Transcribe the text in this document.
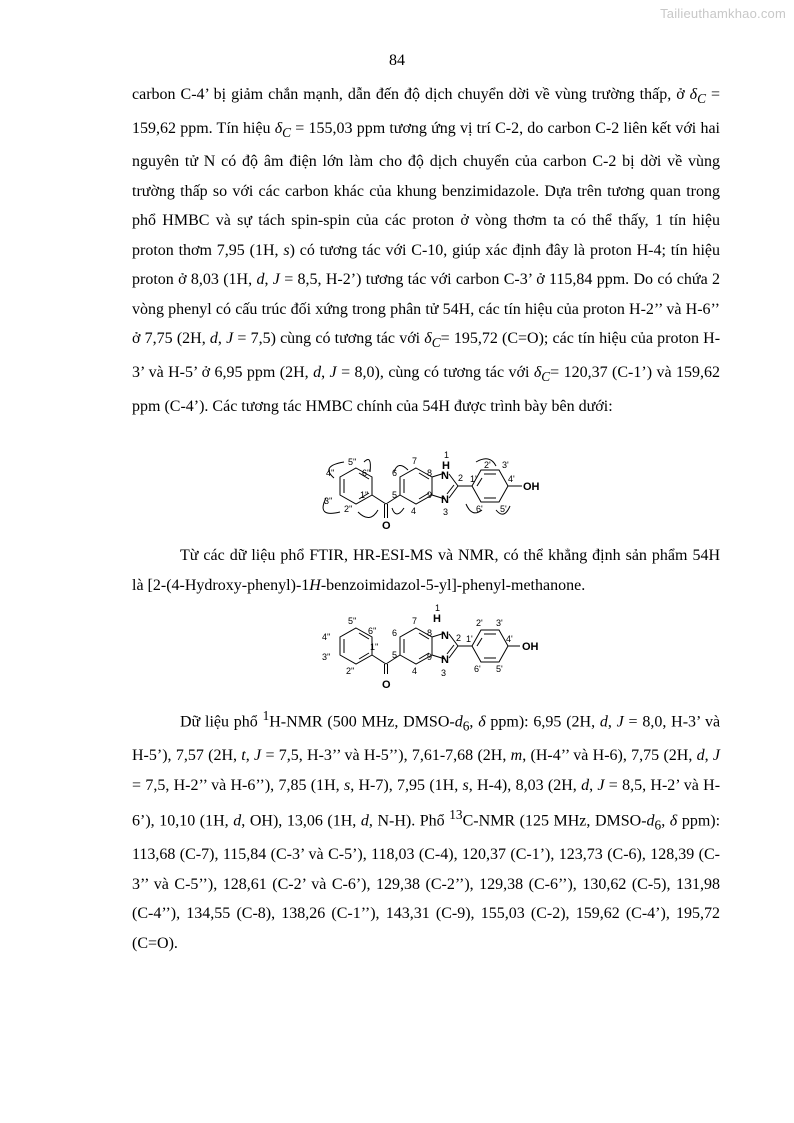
Tailieuthamkhao.com
84

carbon C-4’ bị giảm chắn mạnh, dẫn đến độ dịch chuyển dời về vùng trường thấp, ở $\delta_C = 159,62$ ppm. Tín hiệu $\delta_C = 155,03$ ppm tương ứng vị trí C-2, do carbon C-2 liên kết với hai nguyên tử N có độ âm điện lớn làm cho độ dịch chuyển của carbon C-2 bị dời về vùng trường thấp so với các carbon khác của khung benzimidazole. Dựa trên tương quan trong phổ HMBC và sự tách spin-spin của các proton ở vòng thơm ta có thể thấy, 1 tín hiệu proton thơm 7,95 (1H, s) có tương tác với C-10, giúp xác định đây là proton H-4; tín hiệu proton ở 8,03 (1H, d, J = 8,5, H-2’) tương tác với carbon C-3’ ở 115,84 ppm. Do có chứa 2 vòng phenyl có cấu trúc đối xứng trong phân tử 54H, các tín hiệu của proton H-2’’ và H-6’’ ở 7,75 (2H, d, J = 7,5) cùng có tương tác với $\delta_C= 195,72$ (C=O); các tín hiệu của proton H-3’ và H-5’ ở 6,95 ppm (2H, d, J = 8,0), cùng có tương tác với $\delta_C= 120,37$ (C-1’) và 159,62 ppm (C-4’). Các tương tác HMBC chính của 54H được trình bày bên dưới:

1
H
N
N
3
2
7
8
9
4
5
6
5''
6''
4''
1''
3''
2''
2' 3'
1'	4'
OH
6' 5'
O

Từ các dữ liệu phổ FTIR, HR-ESI-MS và NMR, có thể khẳng định sản phẩm 54H là [2-(4-Hydroxy-phenyl)-1H-benzoimidazol-5-yl]-phenyl-methanone.

1
H
N
N
3
2
7
8
9
4
5
6
5''
6''
4''
1''
3''
2''
2' 3'
1'	4'
OH
6' 5'
O

Dữ liệu phổ $^1$H-NMR (500 MHz, DMSO-$d_6$, δ ppm): 6,95 (2H, d, J = 8,0, H-3’ và H-5’), 7,57 (2H, t, J = 7,5, H-3’’ và H-5’’), 7,61-7,68 (2H, m, (H-4’’ và H-6), 7,75 (2H, d, J = 7,5, H-2’’ và H-6’’), 7,85 (1H, s, H-7), 7,95 (1H, s, H-4), 8,03 (2H, d, J = 8,5, H-2’ và H-6’), 10,10 (1H, d, OH), 13,06 (1H, d, N-H). Phổ $^{13}$C-NMR (125 MHz, DMSO-$d_6$, δ ppm): 113,68 (C-7), 115,84 (C-3’ và C-5’), 118,03 (C-4), 120,37 (C-1’), 123,73 (C-6), 128,39 (C-3’’ và C-5’’), 128,61 (C-2’ và C-6’), 129,38 (C-2’’), 129,38 (C-6’’), 130,62 (C-5), 131,98 (C-4’’), 134,55 (C-8), 138,26 (C-1’’), 143,31 (C-9), 155,03 (C-2), 159,62 (C-4’), 195,72 (C=O).
